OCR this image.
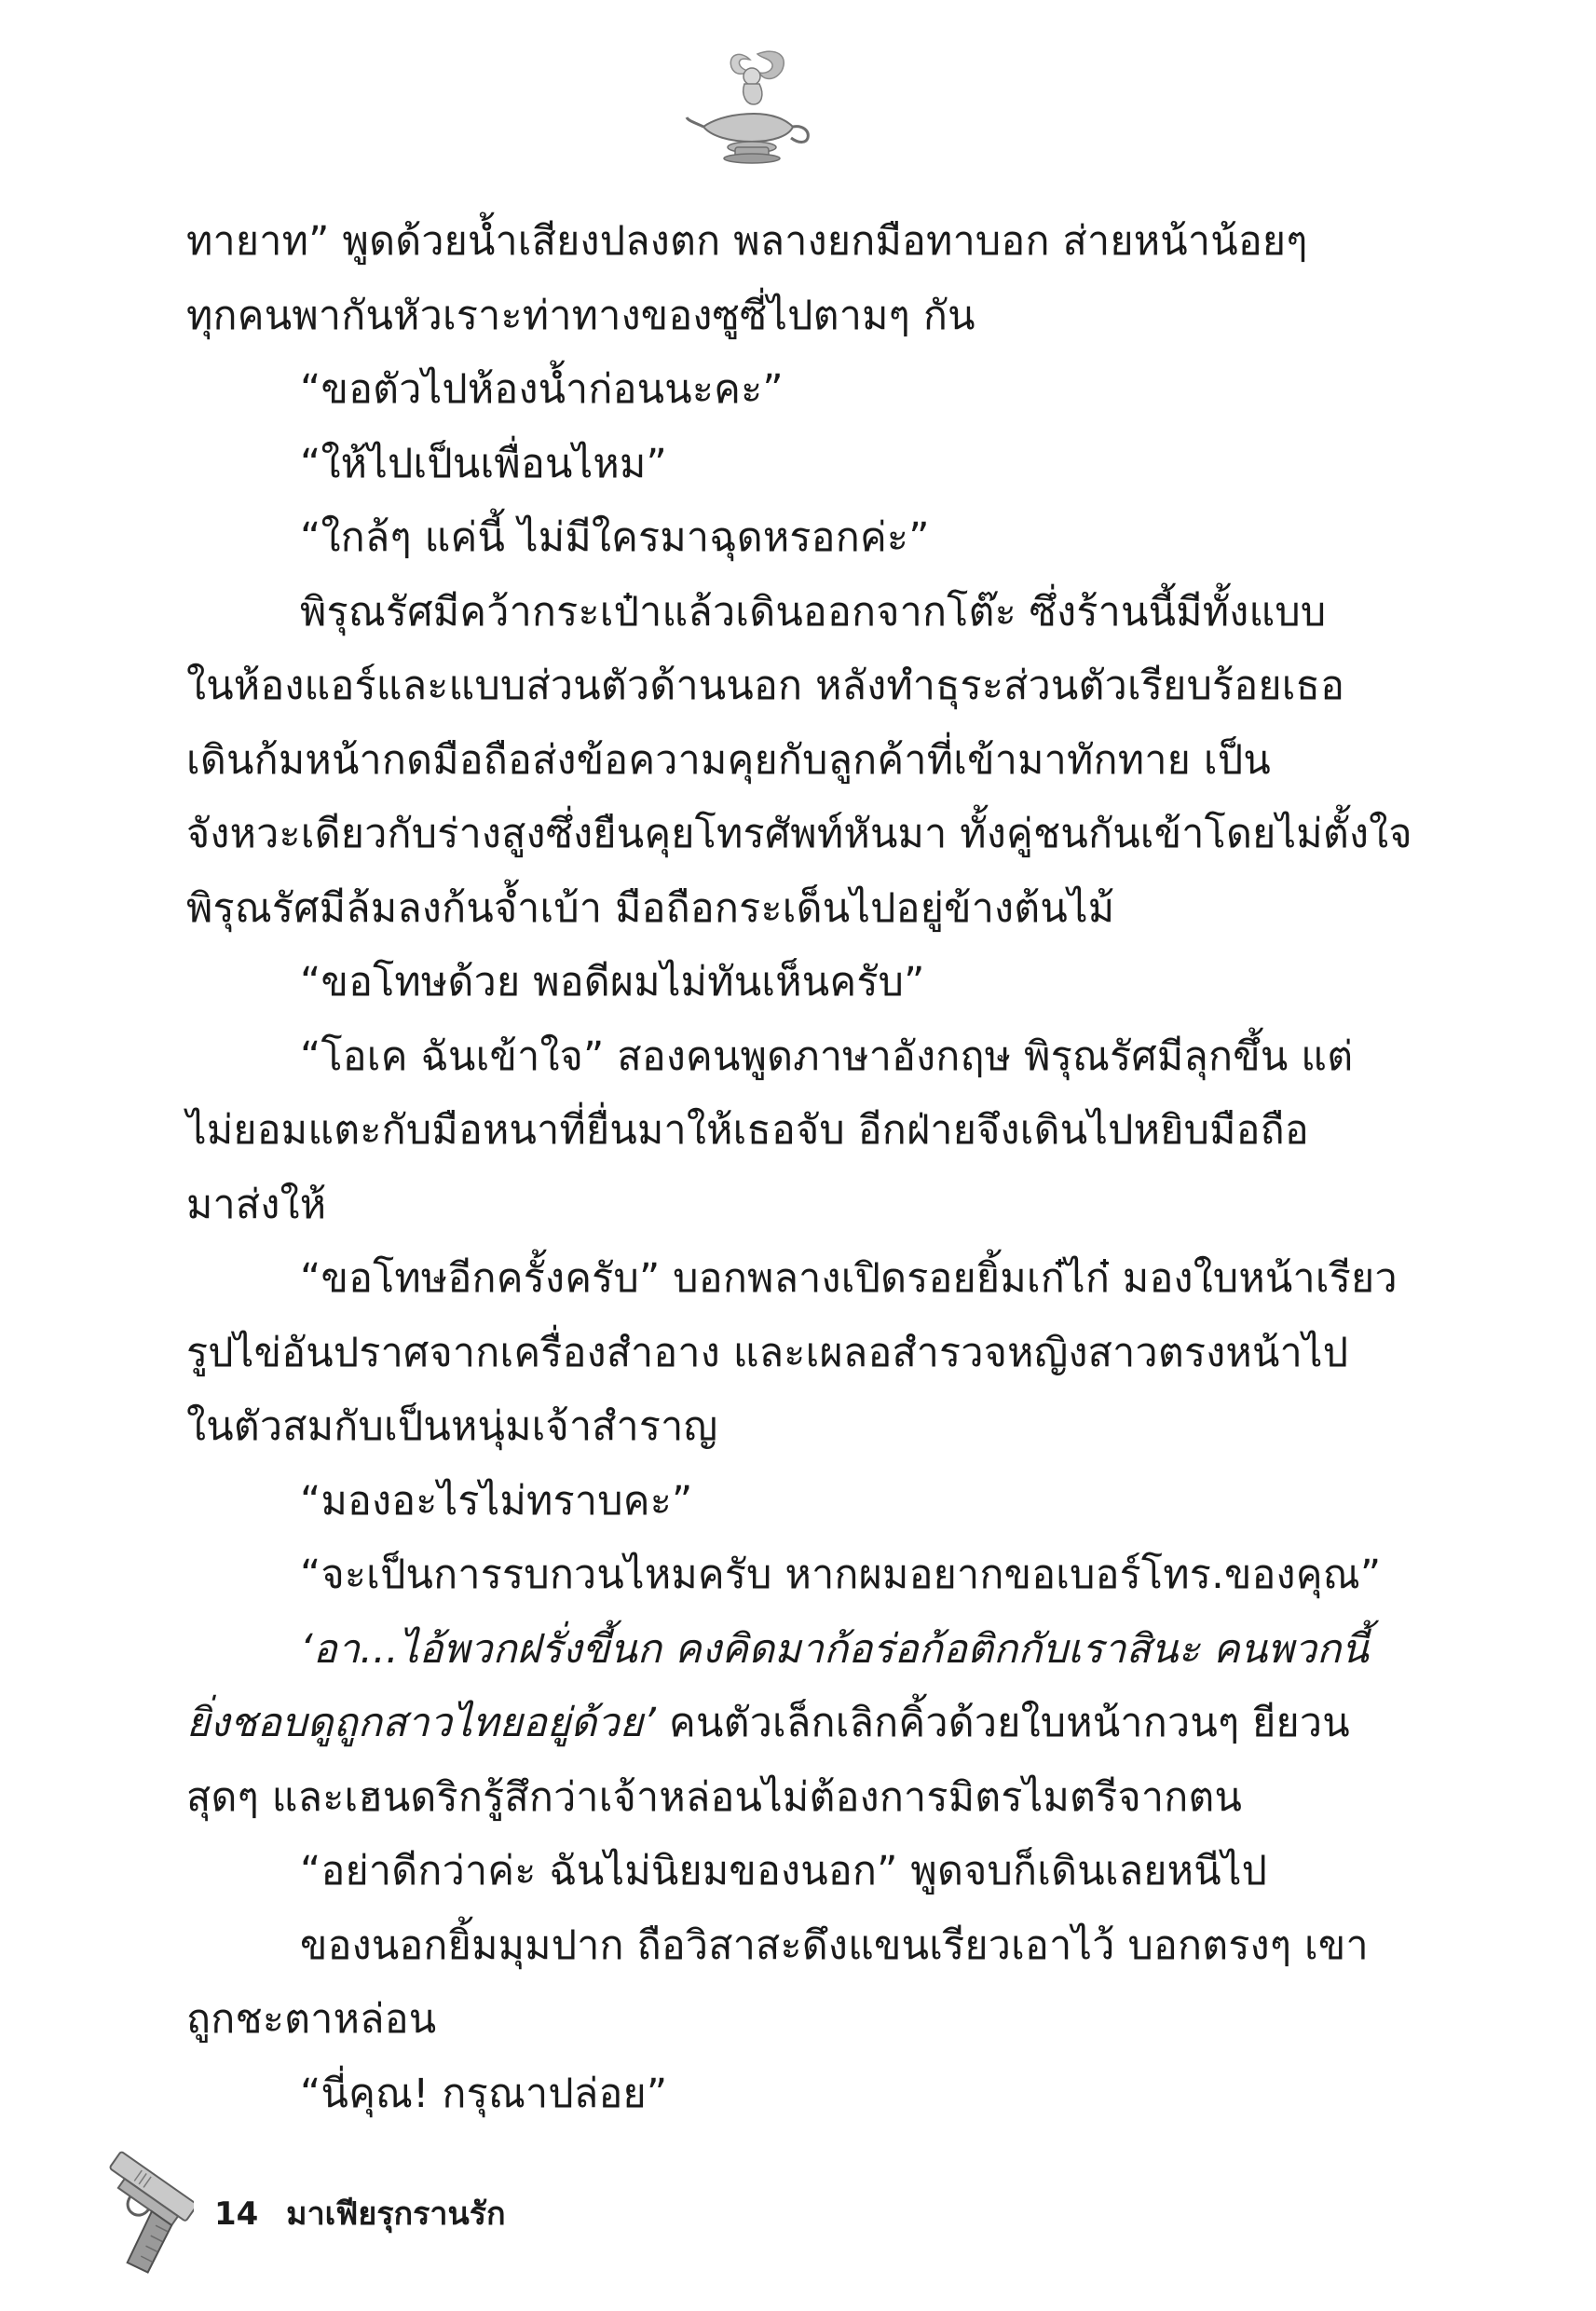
ทายาท” พูดด้วยน้ำเสียงปลงตก พลางยกมือทาบอก ส่ายหน้าน้อยๆ
ทุกคนพากันหัวเราะท่าทางของซูซี่ไปตามๆ กัน
“ขอตัวไปห้องน้ำก่อนนะคะ”
“ให้ไปเป็นเพื่อนไหม”
“ใกล้ๆ แค่นี้ ไม่มีใครมาฉุดหรอกค่ะ”
พิรุณรัศมีคว้ากระเป๋าแล้วเดินออกจากโต๊ะ ซึ่งร้านนี้มีทั้งแบบ
ในห้องแอร์และแบบส่วนตัวด้านนอก หลังทำธุระส่วนตัวเรียบร้อยเธอ
เดินก้มหน้ากดมือถือส่งข้อความคุยกับลูกค้าที่เข้ามาทักทาย เป็น
จังหวะเดียวกับร่างสูงซึ่งยืนคุยโทรศัพท์หันมา ทั้งคู่ชนกันเข้าโดยไม่ตั้งใจ
พิรุณรัศมีล้มลงก้นจ้ำเบ้า มือถือกระเด็นไปอยู่ข้างต้นไม้
“ขอโทษด้วย พอดีผมไม่ทันเห็นครับ”
“โอเค ฉันเข้าใจ” สองคนพูดภาษาอังกฤษ พิรุณรัศมีลุกขึ้น แต่
ไม่ยอมแตะกับมือหนาที่ยื่นมาให้เธอจับ อีกฝ่ายจึงเดินไปหยิบมือถือ
มาส่งให้
“ขอโทษอีกครั้งครับ” บอกพลางเปิดรอยยิ้มเก๋ไก๋ มองใบหน้าเรียว
รูปไข่อันปราศจากเครื่องสำอาง และเผลอสำรวจหญิงสาวตรงหน้าไป
ในตัวสมกับเป็นหนุ่มเจ้าสำราญ
“มองอะไรไม่ทราบคะ”
“จะเป็นการรบกวนไหมครับ หากผมอยากขอเบอร์โทร.ของคุณ”
‘อา...ไอ้พวกฝรั่งขี้นก คงคิดมาก้อร่อก้อติกกับเราสินะ คนพวกนี้
ยิ่งชอบดูถูกสาวไทยอยู่ด้วย’ คนตัวเล็กเลิกคิ้วด้วยใบหน้ากวนๆ ยียวน
สุดๆ และเฮนดริกรู้สึกว่าเจ้าหล่อนไม่ต้องการมิตรไมตรีจากตน
“อย่าดีกว่าค่ะ ฉันไม่นิยมของนอก” พูดจบก็เดินเลยหนีไป
ของนอกยิ้มมุมปาก ถือวิสาสะดึงแขนเรียวเอาไว้ บอกตรงๆ เขา
ถูกชะตาหล่อน
“นี่คุณ! กรุณาปล่อย”
14 มาเฟียรุกรานรัก
